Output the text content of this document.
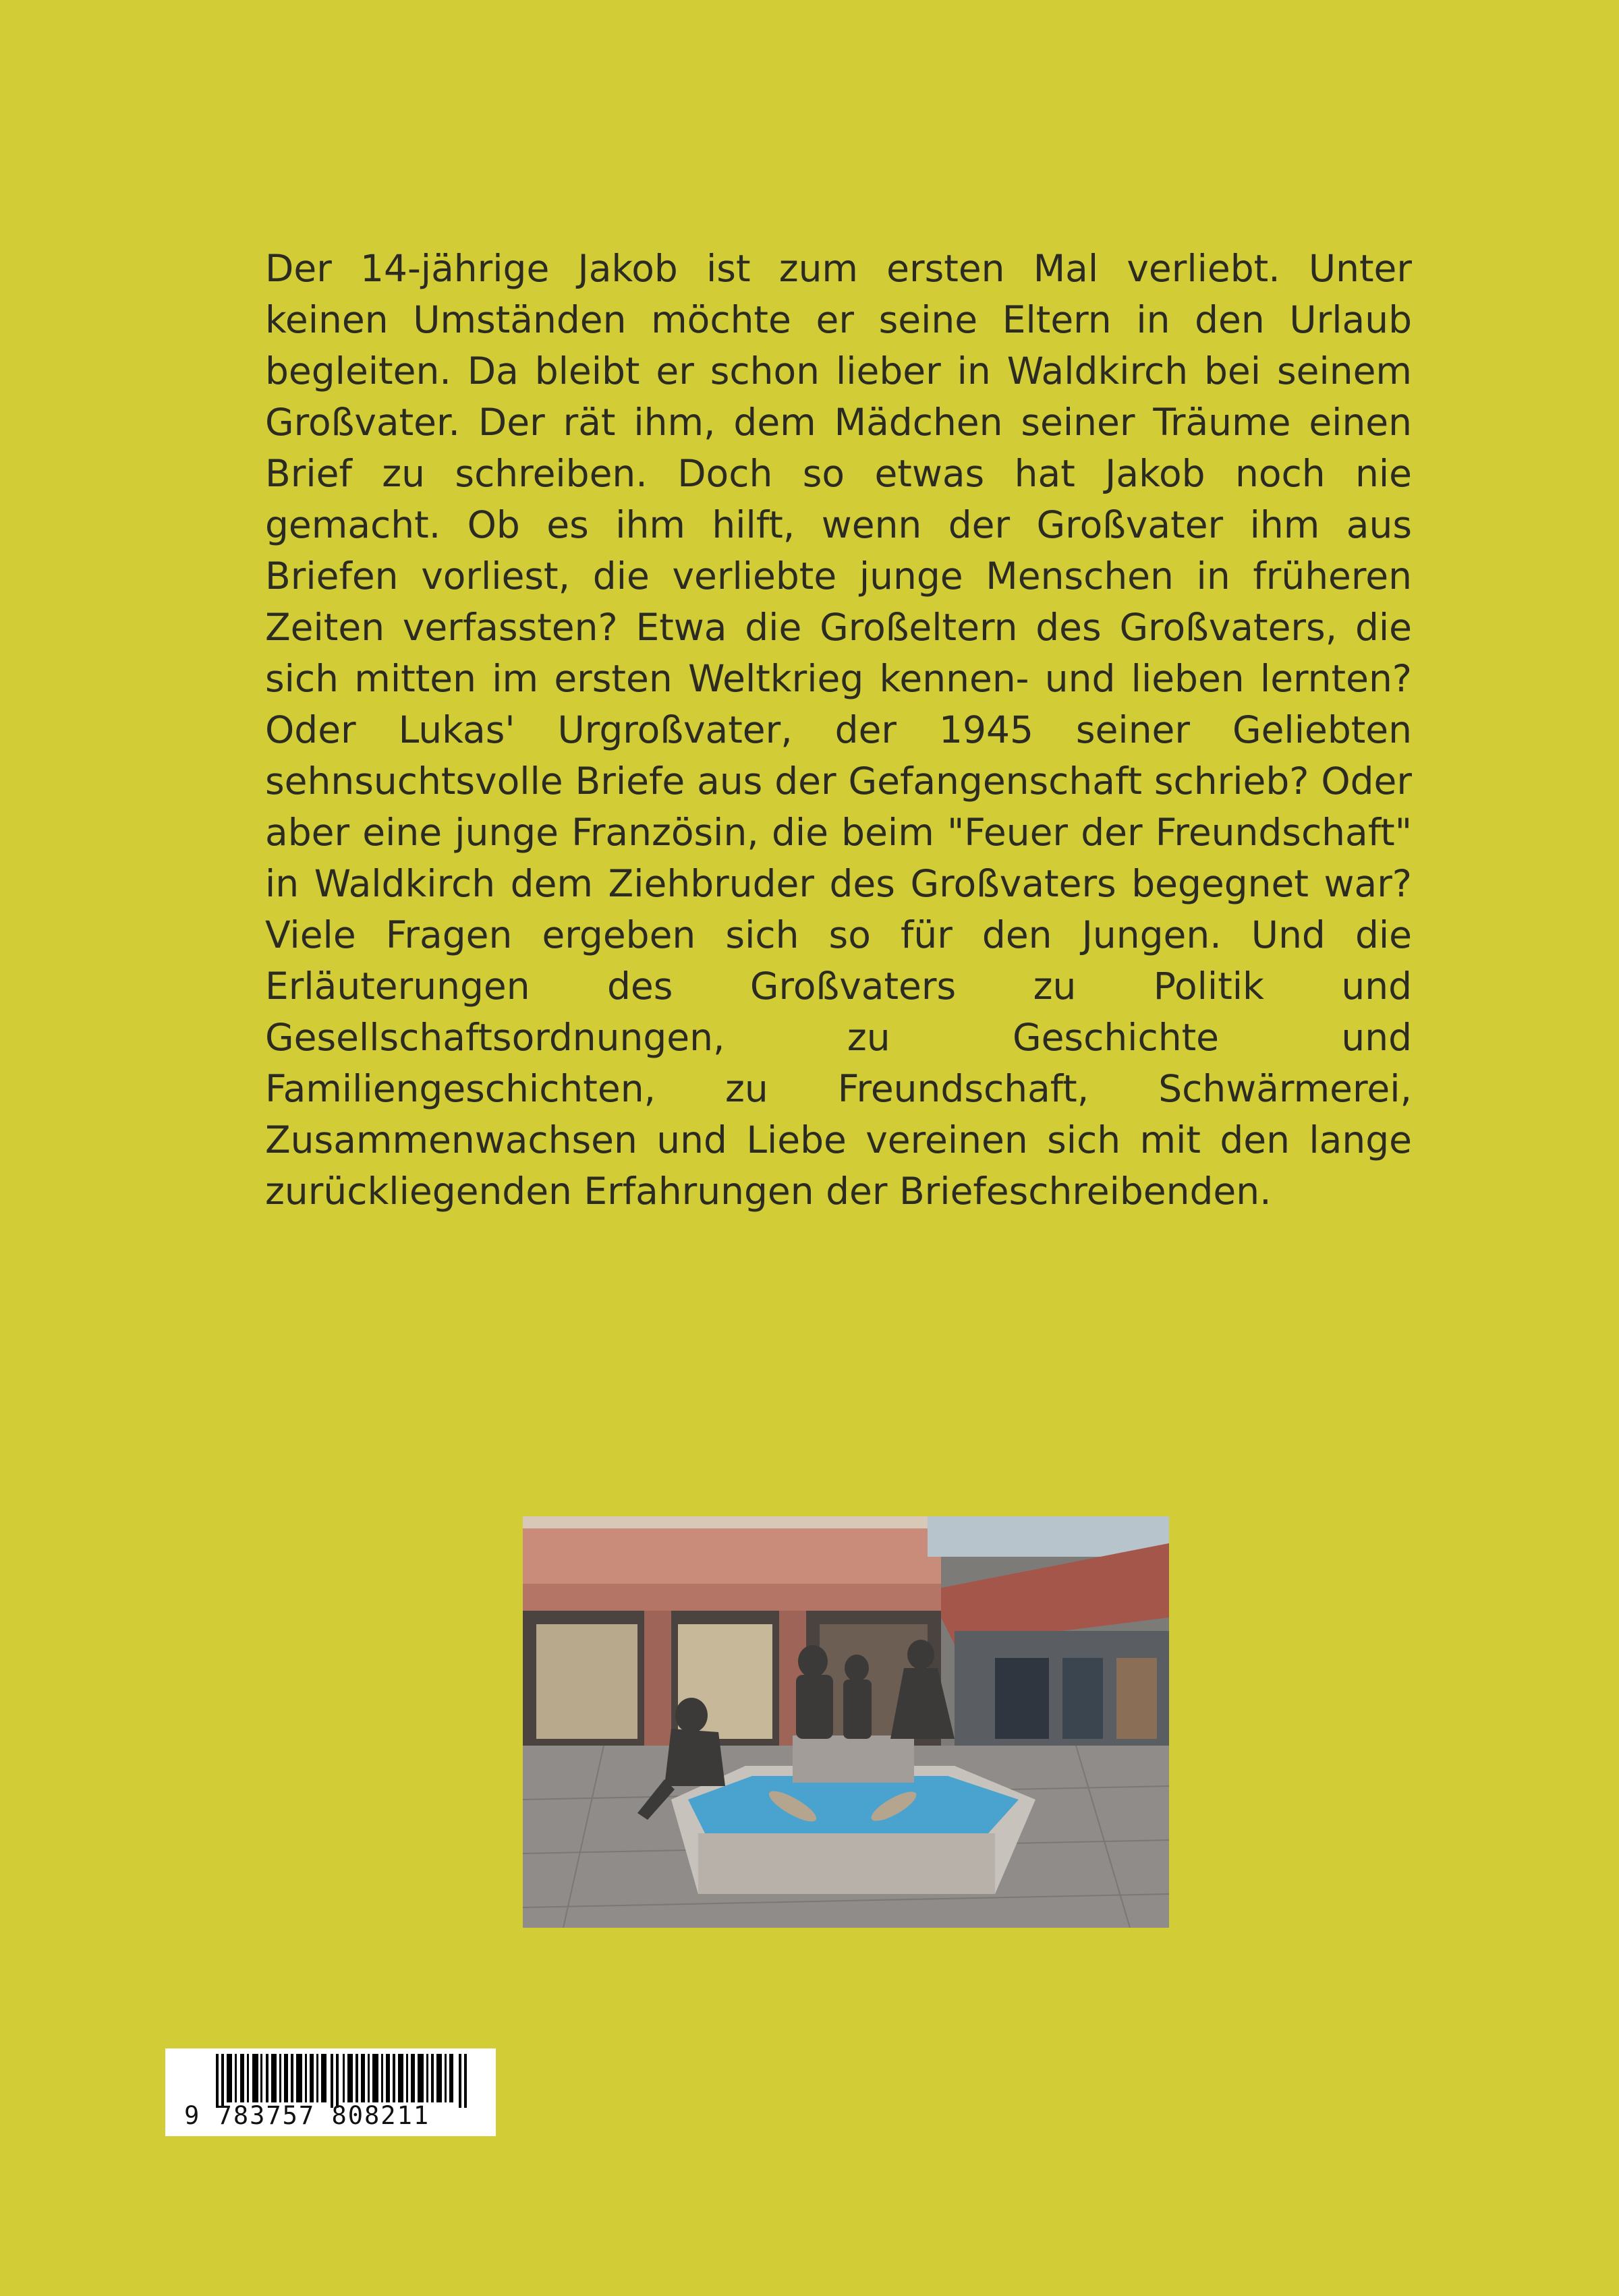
Der 14-jährige Jakob ist zum ersten Mal verliebt. Unter keinen Umständen möchte er seine Eltern in den Urlaub begleiten. Da bleibt er schon lieber in Waldkirch bei seinem Großvater. Der rät ihm, dem Mädchen seiner Träume einen Brief zu schreiben. Doch so etwas hat Jakob noch nie gemacht. Ob es ihm hilft, wenn der Großvater ihm aus Briefen vorliest, die verliebte junge Menschen in früheren Zeiten verfassten? Etwa die Großeltern des Großvaters, die sich mitten im ersten Weltkrieg kennen- und lieben lernten? Oder Lukas' Urgroßvater, der 1945 seiner Geliebten sehnsuchtsvolle Briefe aus der Gefangenschaft schrieb? Oder aber eine junge Französin, die beim "Feuer der Freundschaft" in Waldkirch dem Ziehbruder des Großvaters begegnet war? Viele Fragen ergeben sich so für den Jungen. Und die Erläuterungen des Großvaters zu Politik und Gesellschaftsordnungen, zu Geschichte und Familiengeschichten, zu Freundschaft, Schwärmerei, Zusammenwachsen und Liebe vereinen sich mit den lange zurückliegenden Erfahrungen der Briefeschreibenden.

9 783757 808211
